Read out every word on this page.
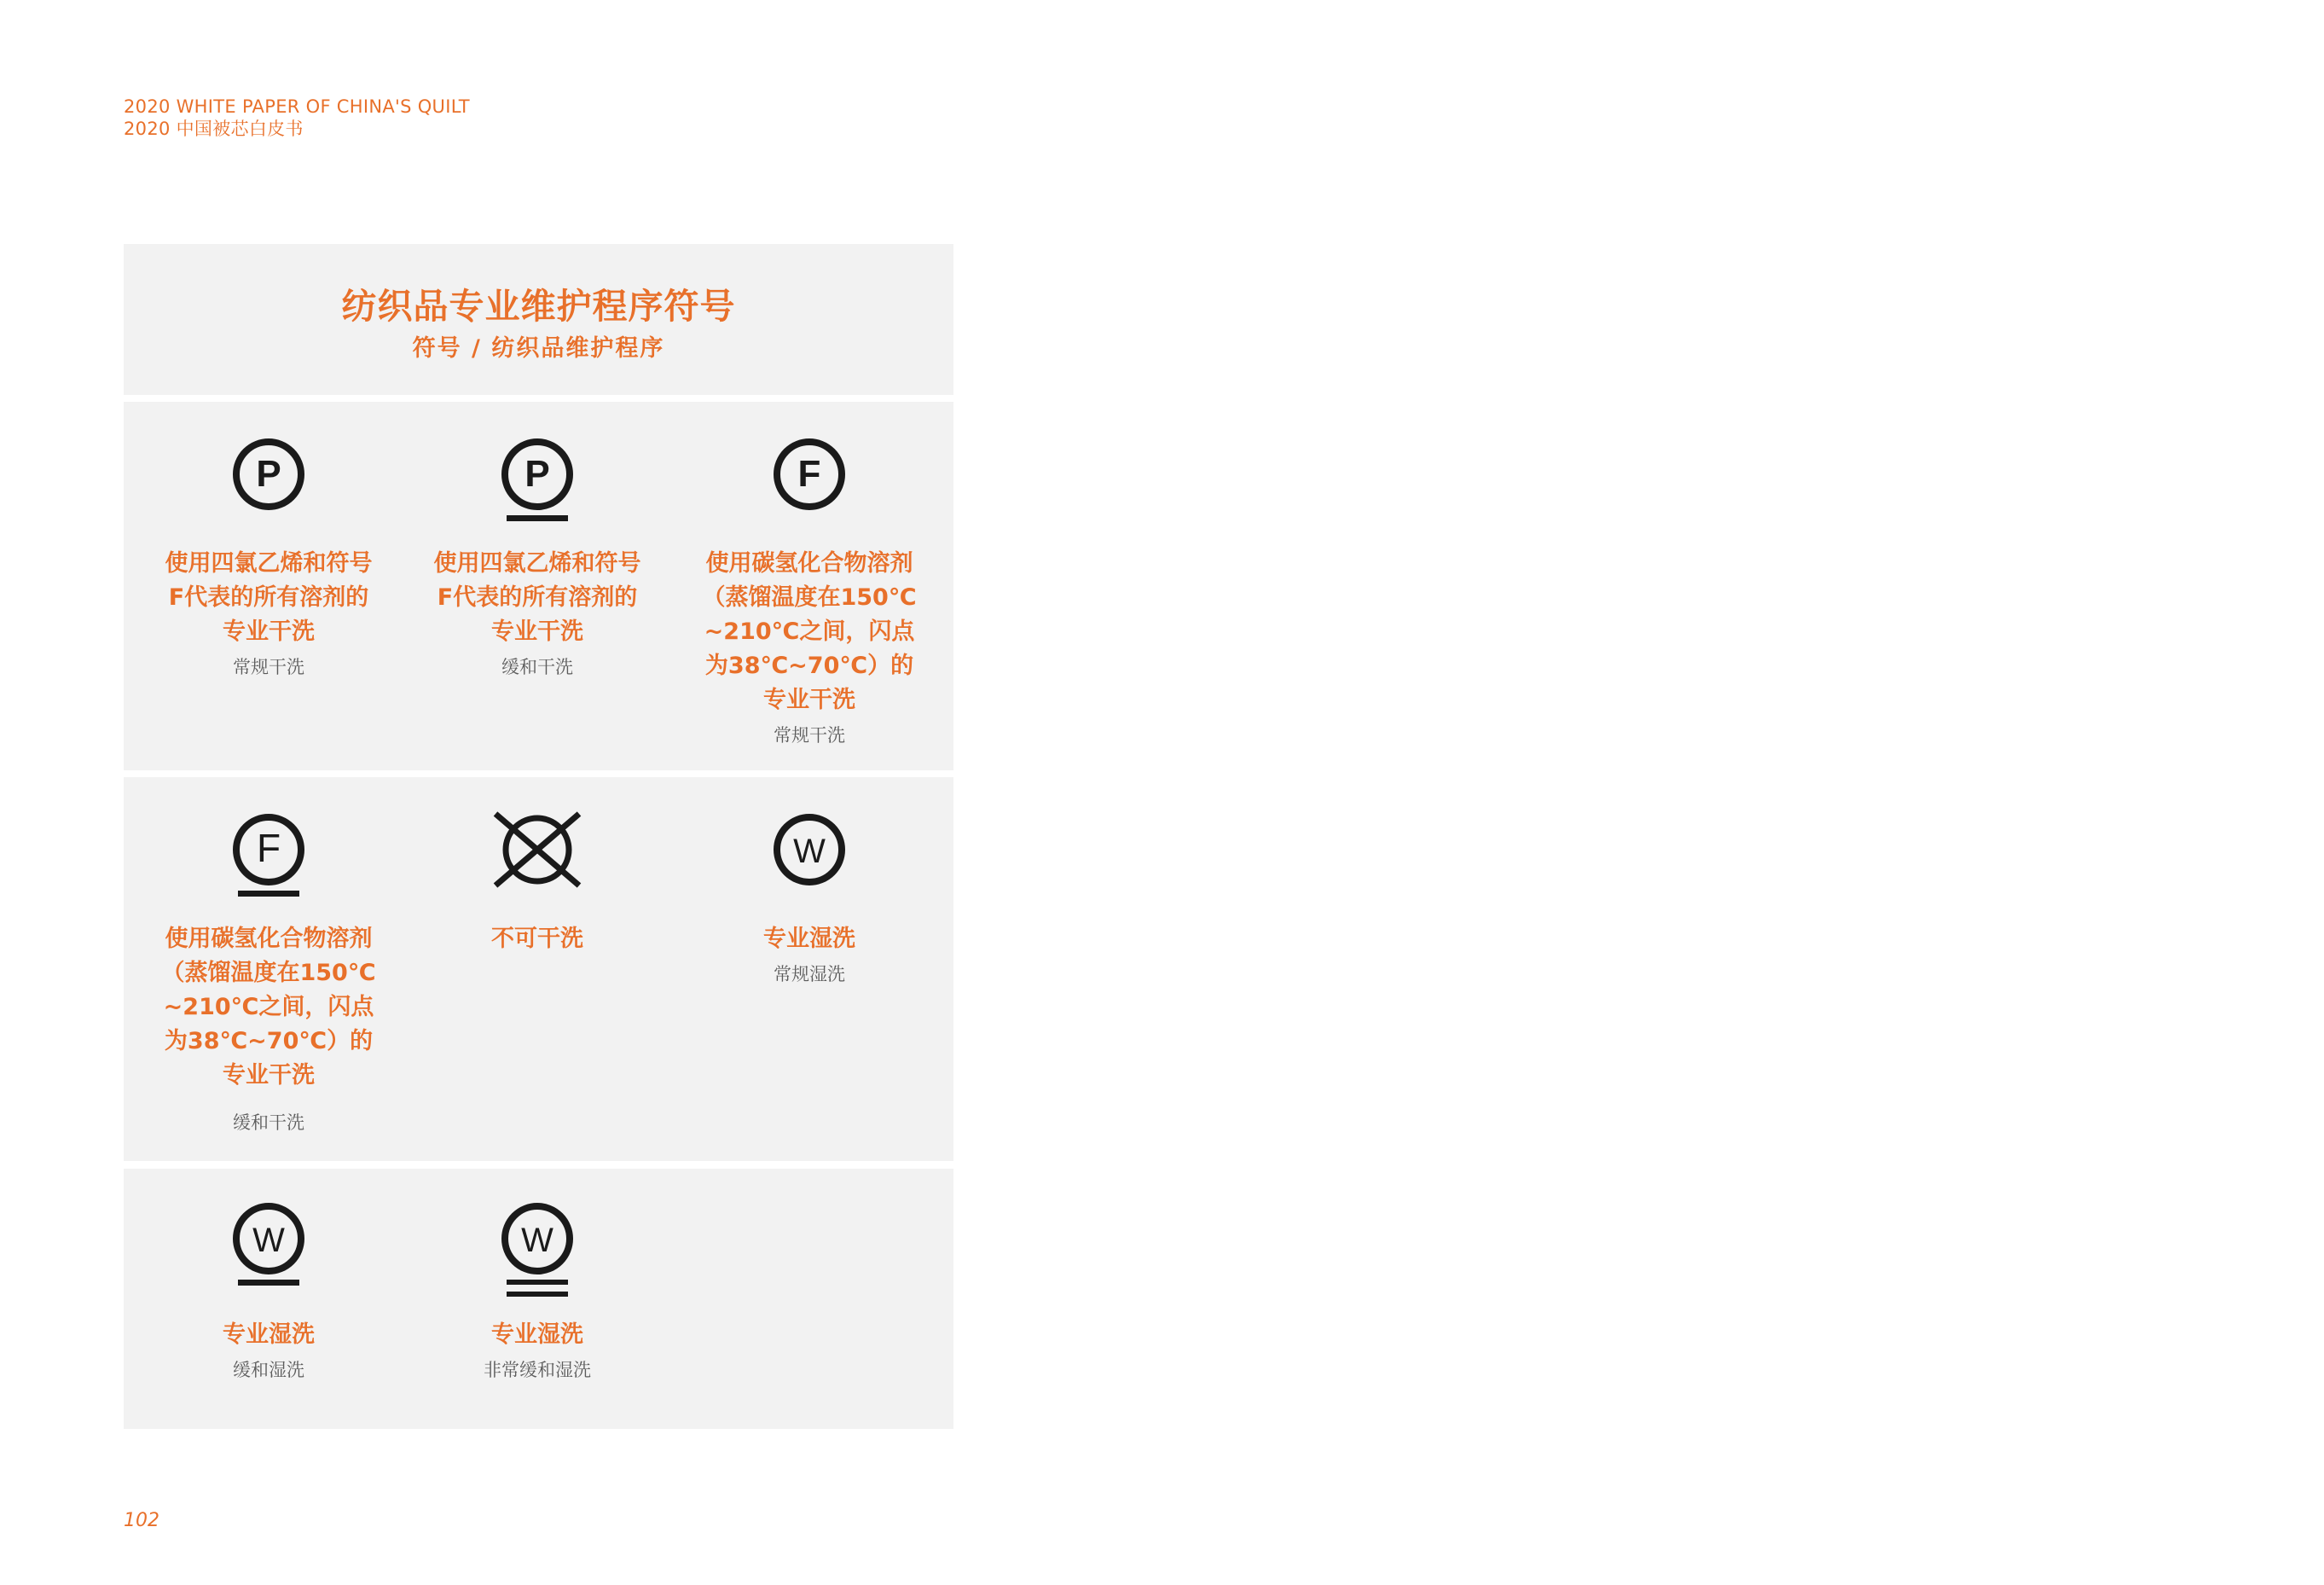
2020 WHITE PAPER OF CHINA'S QUILT
2020 中国被芯白皮书
纺织品专业维护程序符号
符号 / 纺织品维护程序
P
使用四氯乙烯和符号
F代表的所有溶剂的
专业干洗
常规干洗
P
使用四氯乙烯和符号
F代表的所有溶剂的
专业干洗
缓和干洗
F
使用碳氢化合物溶剂
（蒸馏温度在150℃
~210℃之间，闪点
为38℃~70℃）的
专业干洗
常规干洗
F
使用碳氢化合物溶剂
（蒸馏温度在150℃
~210℃之间，闪点
为38℃~70℃）的
专业干洗
缓和干洗
不可干洗
W
专业湿洗
常规湿洗
W
专业湿洗
缓和湿洗
W
专业湿洗
非常缓和湿洗
102
